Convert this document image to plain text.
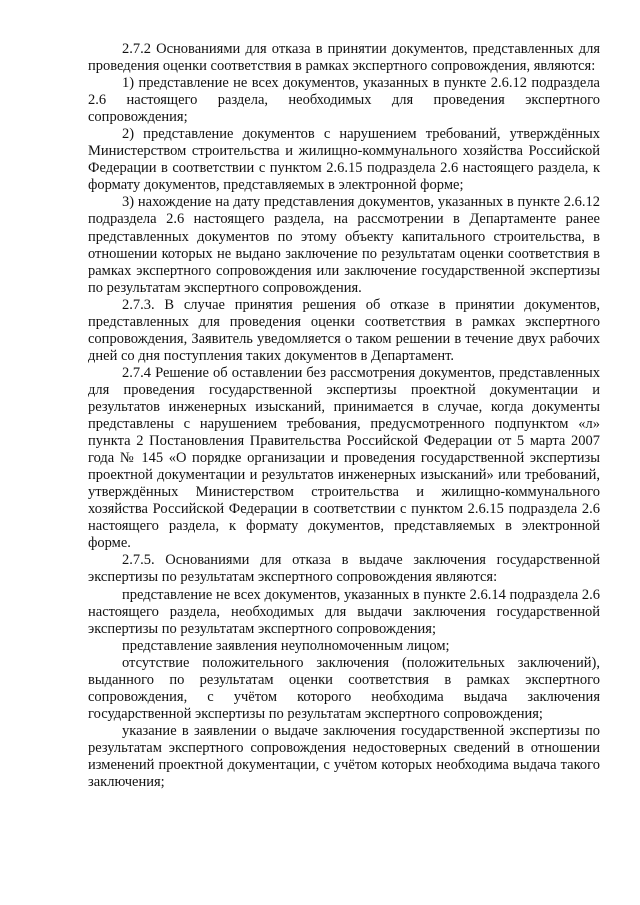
2.7.2 Основаниями для отказа в принятии документов, представленных для проведения оценки соответствия в рамках экспертного сопровождения, являются:

1) представление не всех документов, указанных в пункте 2.6.12 подраздела 2.6 настоящего раздела, необходимых для проведения экспертного сопровождения;

2) представление документов с нарушением требований, утверждённых Министерством строительства и жилищно-коммунального хозяйства Российской Федерации в соответствии с пунктом 2.6.15 подраздела 2.6 настоящего раздела, к формату документов, представляемых в электронной форме;

3) нахождение на дату представления документов, указанных в пункте 2.6.12 подраздела 2.6 настоящего раздела, на рассмотрении в Департаменте ранее представленных документов по этому объекту капитального строительства, в отношении которых не выдано заключение по результатам оценки соответствия в рамках экспертного сопровождения или заключение государственной экспертизы по результатам экспертного сопровождения.

2.7.3. В случае принятия решения об отказе в принятии документов, представленных для проведения оценки соответствия в рамках экспертного сопровождения, Заявитель уведомляется о таком решении в течение двух рабочих дней со дня поступления таких документов в Департамент.

2.7.4 Решение об оставлении без рассмотрения документов, представленных для проведения государственной экспертизы проектной документации и результатов инженерных изысканий, принимается в случае, когда документы представлены с нарушением требования, предусмотренного подпунктом «л» пункта 2 Постановления Правительства Российской Федерации от 5 марта 2007 года № 145 «О порядке организации и проведения государственной экспертизы проектной документации и результатов инженерных изысканий» или требований, утверждённых Министерством строительства и жилищно-коммунального хозяйства Российской Федерации в соответствии с пунктом 2.6.15 подраздела 2.6 настоящего раздела, к формату документов, представляемых в электронной форме.

2.7.5. Основаниями для отказа в выдаче заключения государственной экспертизы по результатам экспертного сопровождения являются:

представление не всех документов, указанных в пункте 2.6.14 подраздела 2.6 настоящего раздела, необходимых для выдачи заключения государственной экспертизы по результатам экспертного сопровождения;

представление заявления неуполномоченным лицом;

отсутствие положительного заключения (положительных заключений), выданного по результатам оценки соответствия в рамках экспертного сопровождения, с учётом которого необходима выдача заключения государственной экспертизы по результатам экспертного сопровождения;

указание в заявлении о выдаче заключения государственной экспертизы по результатам экспертного сопровождения недостоверных сведений в отношении изменений проектной документации, с учётом которых необходима выдача такого заключения;
